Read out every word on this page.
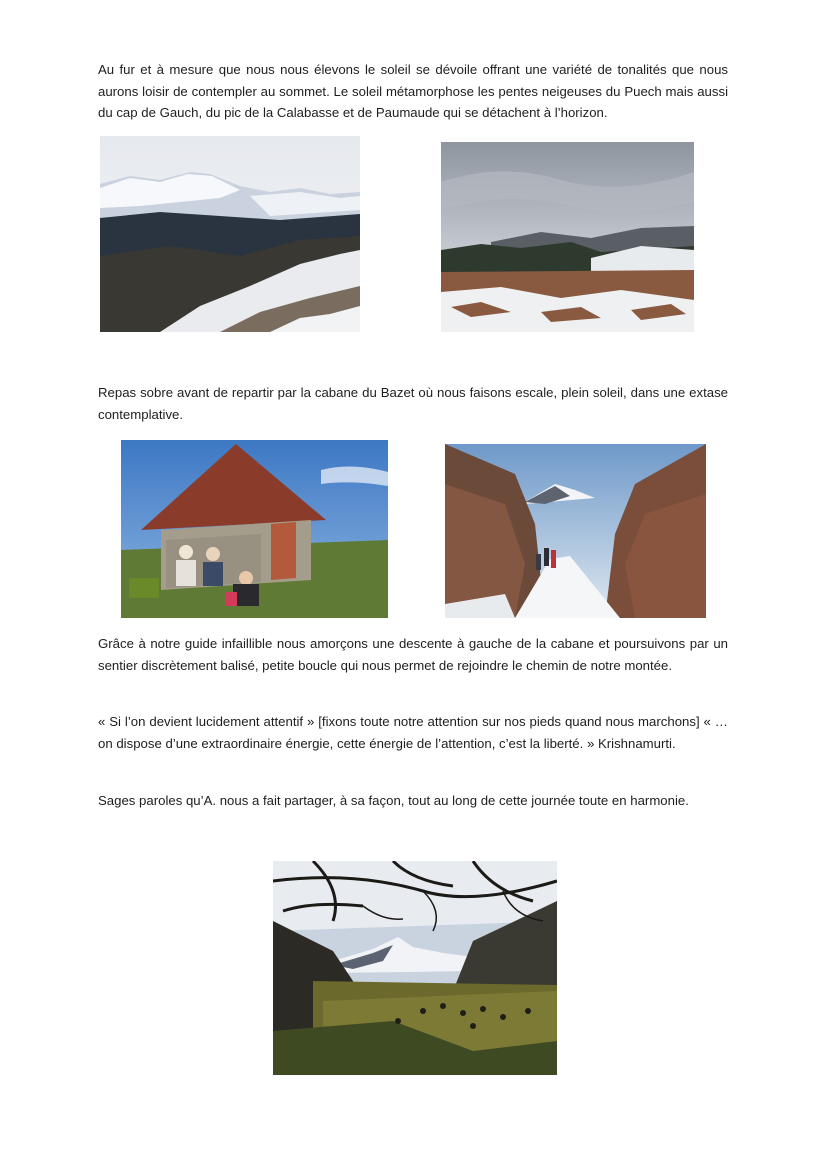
Au fur et à mesure que nous nous élevons le soleil se dévoile offrant une variété de tonalités que nous aurons loisir de contempler au sommet. Le soleil métamorphose les pentes neigeuses du Puech mais aussi du cap de Gauch, du pic de la Calabasse et de Paumaude qui se détachent à l’horizon.

Repas sobre avant de repartir par la cabane du Bazet où nous faisons escale, plein soleil, dans une extase contemplative.

Grâce à notre guide infaillible nous amorçons une descente à gauche de la cabane et poursuivons par un sentier discrètement balisé, petite boucle qui nous permet de rejoindre le chemin de notre montée.

« Si l’on devient lucidement attentif » [fixons toute notre attention sur nos pieds quand nous marchons] « … on dispose d’une extraordinaire énergie, cette énergie de l’attention, c’est la liberté. » Krishnamurti.

Sages paroles qu’A. nous a fait partager, à sa façon, tout au long de cette journée toute en harmonie.
